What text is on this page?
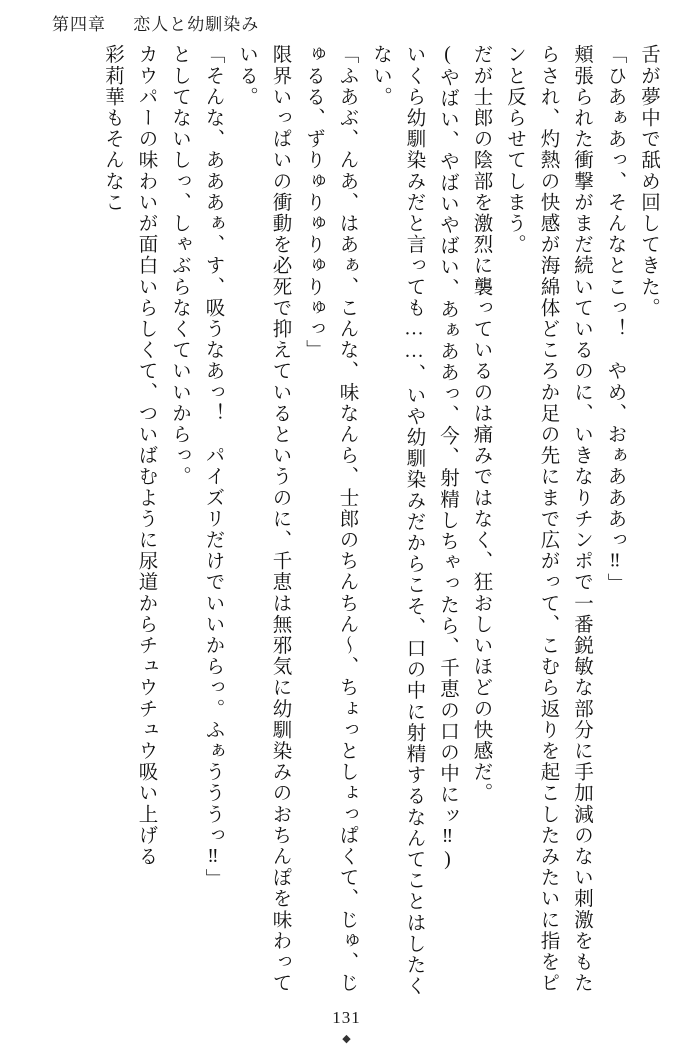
第四章 恋人と幼馴染み

舌が夢中で舐め回してきた。

「ひあぁあっ、そんなとこっ！　やめ、おぁあああっ‼」

頬張られた衝撃がまだ続いているのに、いきなりチンポで一番鋭敏な部分に手加減のない刺激をもたらされ、灼熱の快感が海綿体どころか足の先にまで広がって、こむら返りを起こしたみたいに指をピンと反らせてしまう。

だが士郎の陰部を激烈に襲っているのは痛みではなく、狂おしいほどの快感だ。

(やばい、やばいやばい、あぁああっ、今、射精しちゃったら、千恵の口の中にッ‼)

いくら幼馴染みだと言っても……、いや幼馴染みだからこそ、口の中に射精するなんてことはしたくない。

「ふあぶ、んあ、はあぁ、こんな、味なんら、士郎のちんちん〜、ちょっとしょっぱくて、じゅ、じゅるる、ずりゅりゅりゅりゅっ」

限界いっぱいの衝動を必死で抑えているというのに、千恵は無邪気に幼馴染みのおちんぽを味わっている。

「そんな、あああぁ、す、吸うなあっ！　パイズリだけでいいからっ。ふぁうううっ‼」

としてないしっ、しゃぶらなくていいからっ。

カウパーの味わいが面白いらしくて、ついばむように尿道からチュウチュウ吸い上げる

彩莉華もそんなこ

131
◆
